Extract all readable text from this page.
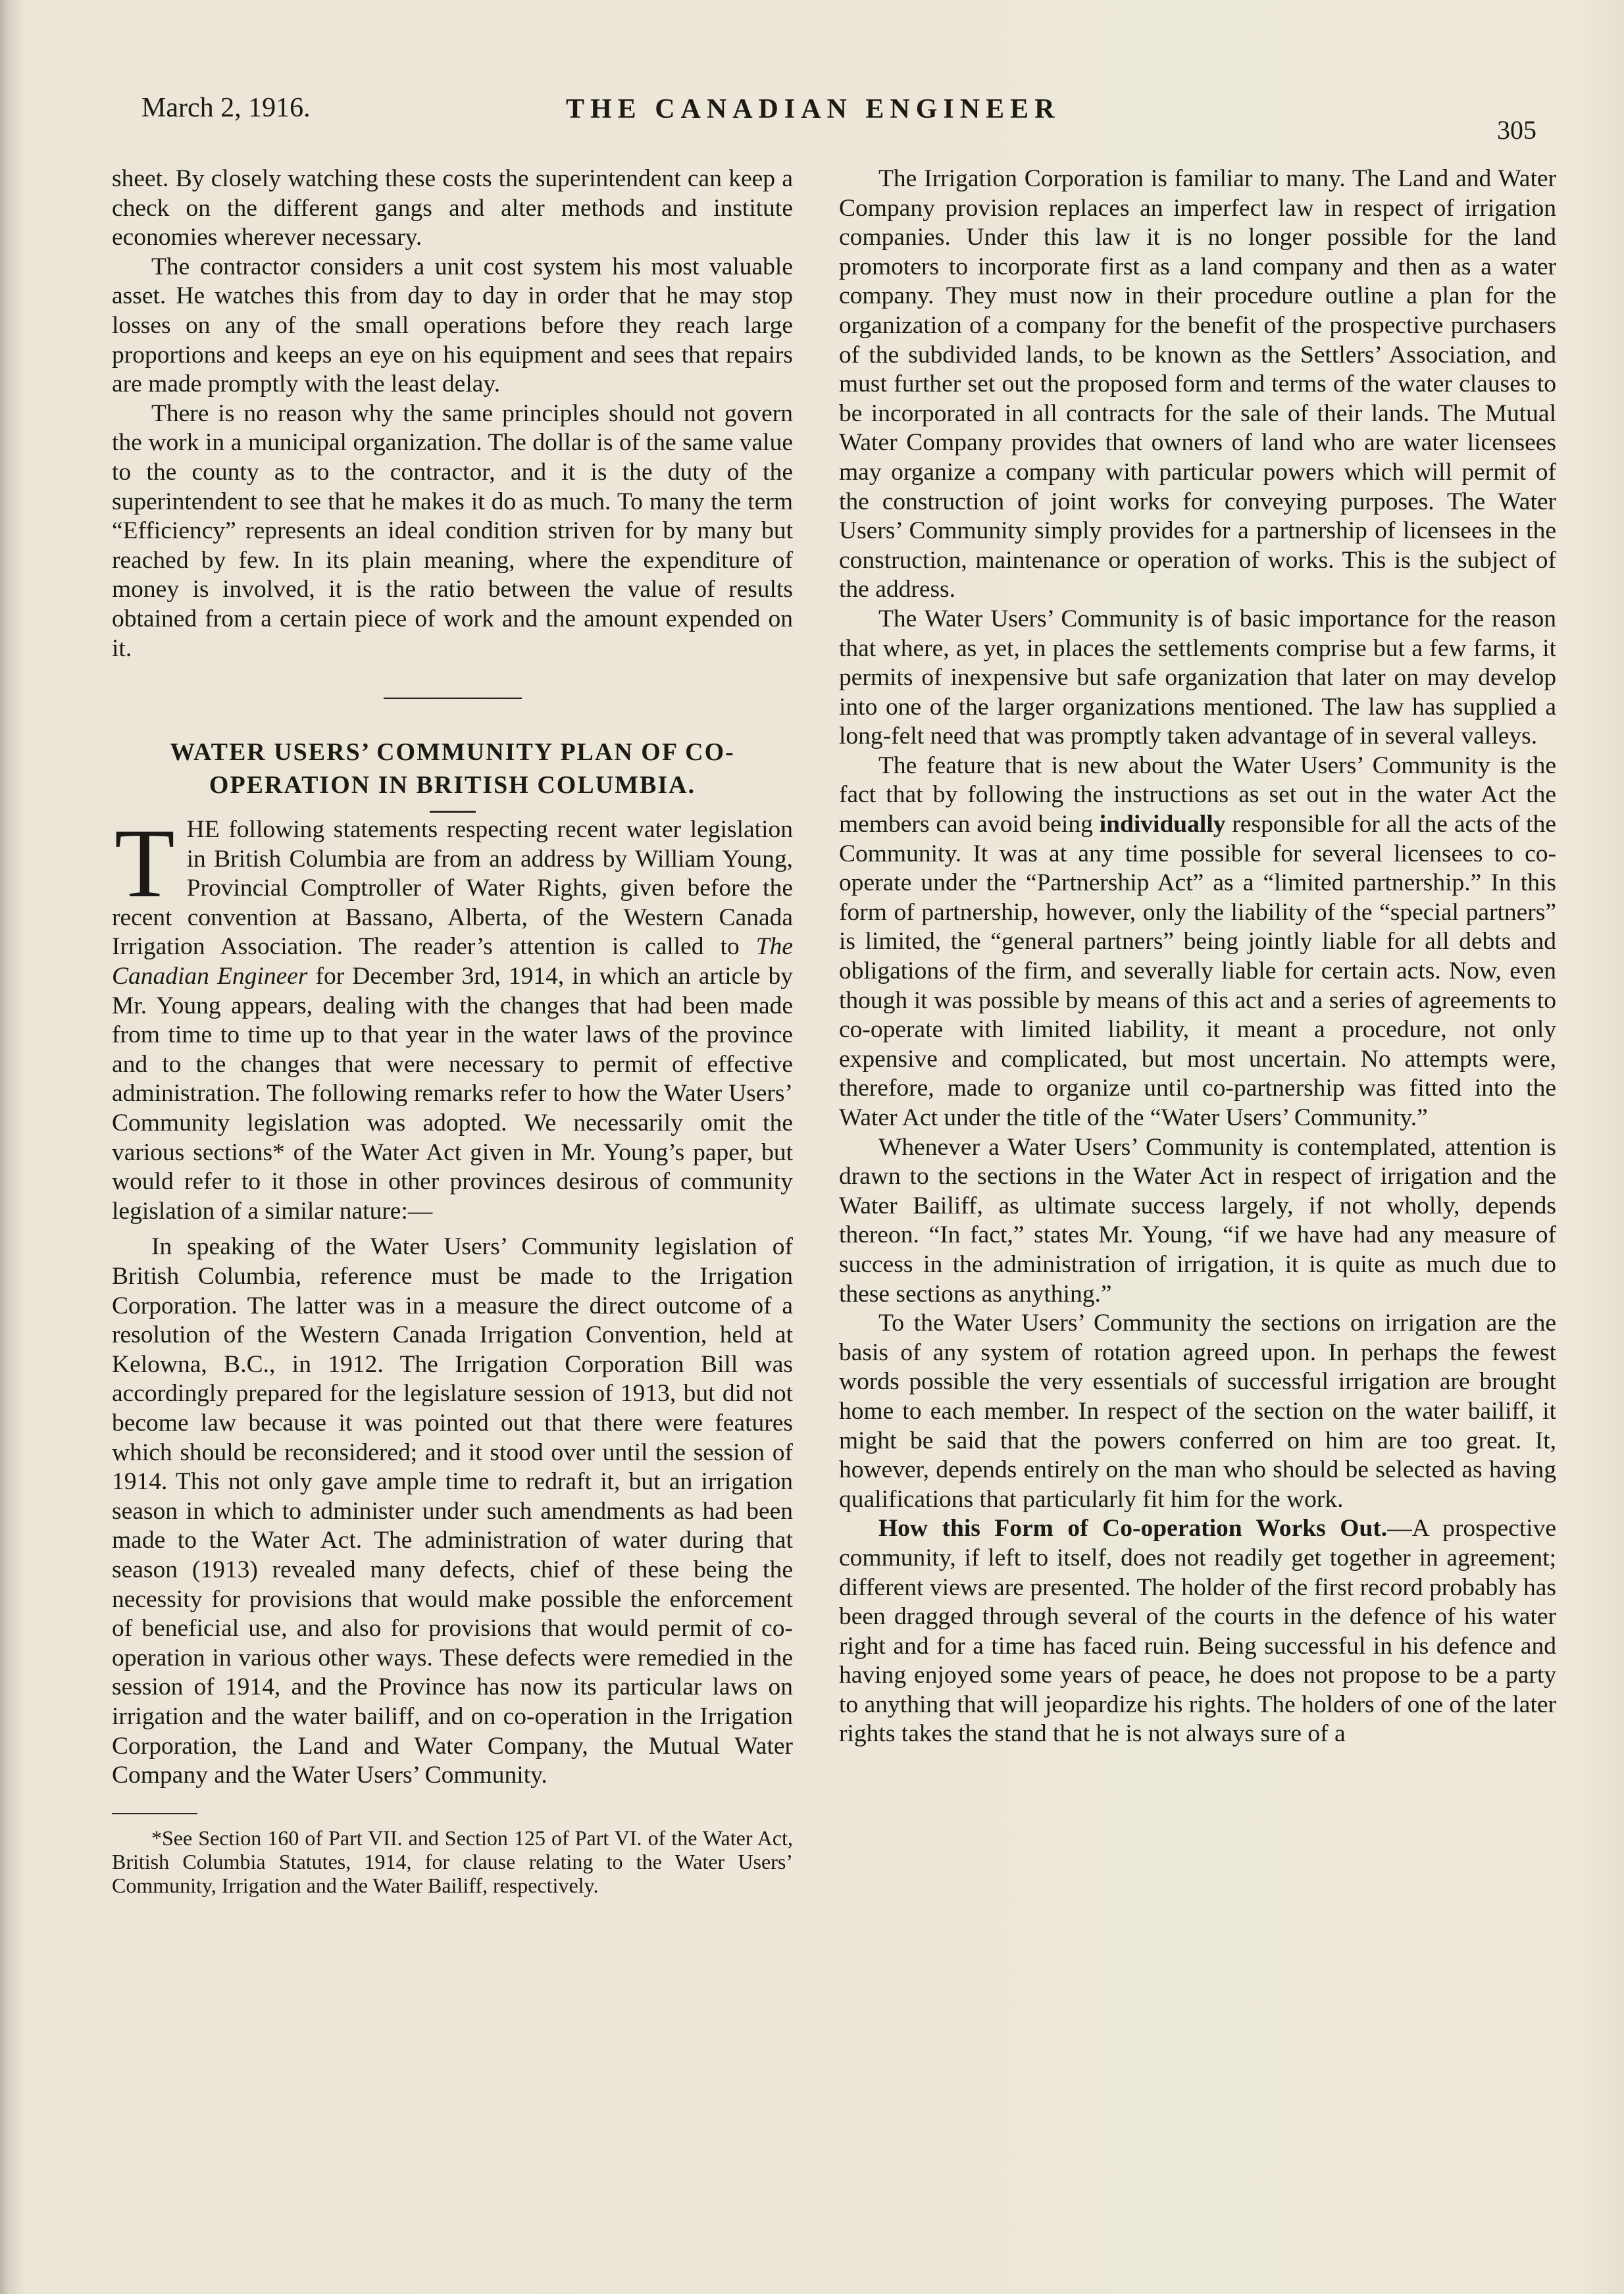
March 2, 1916.	THE CANADIAN ENGINEER
305

sheet. By closely watching these costs the superintendent can keep a check on the different gangs and alter methods and institute economies wherever necessary.

The contractor considers a unit cost system his most valuable asset. He watches this from day to day in order that he may stop losses on any of the small operations before they reach large proportions and keeps an eye on his equipment and sees that repairs are made promptly with the least delay.

There is no reason why the same principles should not govern the work in a municipal organization. The dollar is of the same value to the county as to the contractor, and it is the duty of the superintendent to see that he makes it do as much. To many the term “Efficiency” represents an ideal condition striven for by many but reached by few. In its plain meaning, where the expenditure of money is involved, it is the ratio between the value of results obtained from a certain piece of work and the amount expended on it.

WATER USERS’ COMMUNITY PLAN OF CO-
OPERATION IN BRITISH COLUMBIA.

THE following statements respecting recent water legislation in British Columbia are from an address by William Young, Provincial Comptroller of Water Rights, given before the recent convention at Bassano, Alberta, of the Western Canada Irrigation Association. The reader’s attention is called to The Canadian Engineer for December 3rd, 1914, in which an article by Mr. Young appears, dealing with the changes that had been made from time to time up to that year in the water laws of the province and to the changes that were necessary to permit of effective administration. The following remarks refer to how the Water Users’ Community legislation was adopted. We necessarily omit the various sections* of the Water Act given in Mr. Young’s paper, but would refer to it those in other provinces desirous of community legislation of a similar nature:—

In speaking of the Water Users’ Community legislation of British Columbia, reference must be made to the Irrigation Corporation. The latter was in a measure the direct outcome of a resolution of the Western Canada Irrigation Convention, held at Kelowna, B.C., in 1912. The Irrigation Corporation Bill was accordingly prepared for the legislature session of 1913, but did not become law because it was pointed out that there were features which should be reconsidered; and it stood over until the session of 1914. This not only gave ample time to redraft it, but an irrigation season in which to administer under such amendments as had been made to the Water Act. The administration of water during that season (1913) revealed many defects, chief of these being the necessity for provisions that would make possible the enforcement of beneficial use, and also for provisions that would permit of co-operation in various other ways. These defects were remedied in the session of 1914, and the Province has now its particular laws on irrigation and the water bailiff, and on co-operation in the Irrigation Corporation, the Land and Water Company, the Mutual Water Company and the Water Users’ Community.

*See Section 160 of Part VII. and Section 125 of Part VI. of the Water Act, British Columbia Statutes, 1914, for clause relating to the Water Users’ Community, Irrigation and the Water Bailiff, respectively.

The Irrigation Corporation is familiar to many. The Land and Water Company provision replaces an imperfect law in respect of irrigation companies. Under this law it is no longer possible for the land promoters to incorporate first as a land company and then as a water company. They must now in their procedure outline a plan for the organization of a company for the benefit of the prospective purchasers of the subdivided lands, to be known as the Settlers’ Association, and must further set out the proposed form and terms of the water clauses to be incorporated in all contracts for the sale of their lands. The Mutual Water Company provides that owners of land who are water licensees may organize a company with particular powers which will permit of the construction of joint works for conveying purposes. The Water Users’ Community simply provides for a partnership of licensees in the construction, maintenance or operation of works. This is the subject of the address.

The Water Users’ Community is of basic importance for the reason that where, as yet, in places the settlements comprise but a few farms, it permits of inexpensive but safe organization that later on may develop into one of the larger organizations mentioned. The law has supplied a long-felt need that was promptly taken advantage of in several valleys.

The feature that is new about the Water Users’ Community is the fact that by following the instructions as set out in the water Act the members can avoid being individually responsible for all the acts of the Community. It was at any time possible for several licensees to co-operate under the “Partnership Act” as a “limited partnership.” In this form of partnership, however, only the liability of the “special partners” is limited, the “general partners” being jointly liable for all debts and obligations of the firm, and severally liable for certain acts. Now, even though it was possible by means of this act and a series of agreements to co-operate with limited liability, it meant a procedure, not only expensive and complicated, but most uncertain. No attempts were, therefore, made to organize until co-partnership was fitted into the Water Act under the title of the “Water Users’ Community.”

Whenever a Water Users’ Community is contemplated, attention is drawn to the sections in the Water Act in respect of irrigation and the Water Bailiff, as ultimate success largely, if not wholly, depends thereon. “In fact,” states Mr. Young, “if we have had any measure of success in the administration of irrigation, it is quite as much due to these sections as anything.”

To the Water Users’ Community the sections on irrigation are the basis of any system of rotation agreed upon. In perhaps the fewest words possible the very essentials of successful irrigation are brought home to each member. In respect of the section on the water bailiff, it might be said that the powers conferred on him are too great. It, however, depends entirely on the man who should be selected as having qualifications that particularly fit him for the work.

How this Form of Co-operation Works Out.—A prospective community, if left to itself, does not readily get together in agreement; different views are presented. The holder of the first record probably has been dragged through several of the courts in the defence of his water right and for a time has faced ruin. Being successful in his defence and having enjoyed some years of peace, he does not propose to be a party to anything that will jeopardize his rights. The holders of one of the later rights takes the stand that he is not always sure of a
